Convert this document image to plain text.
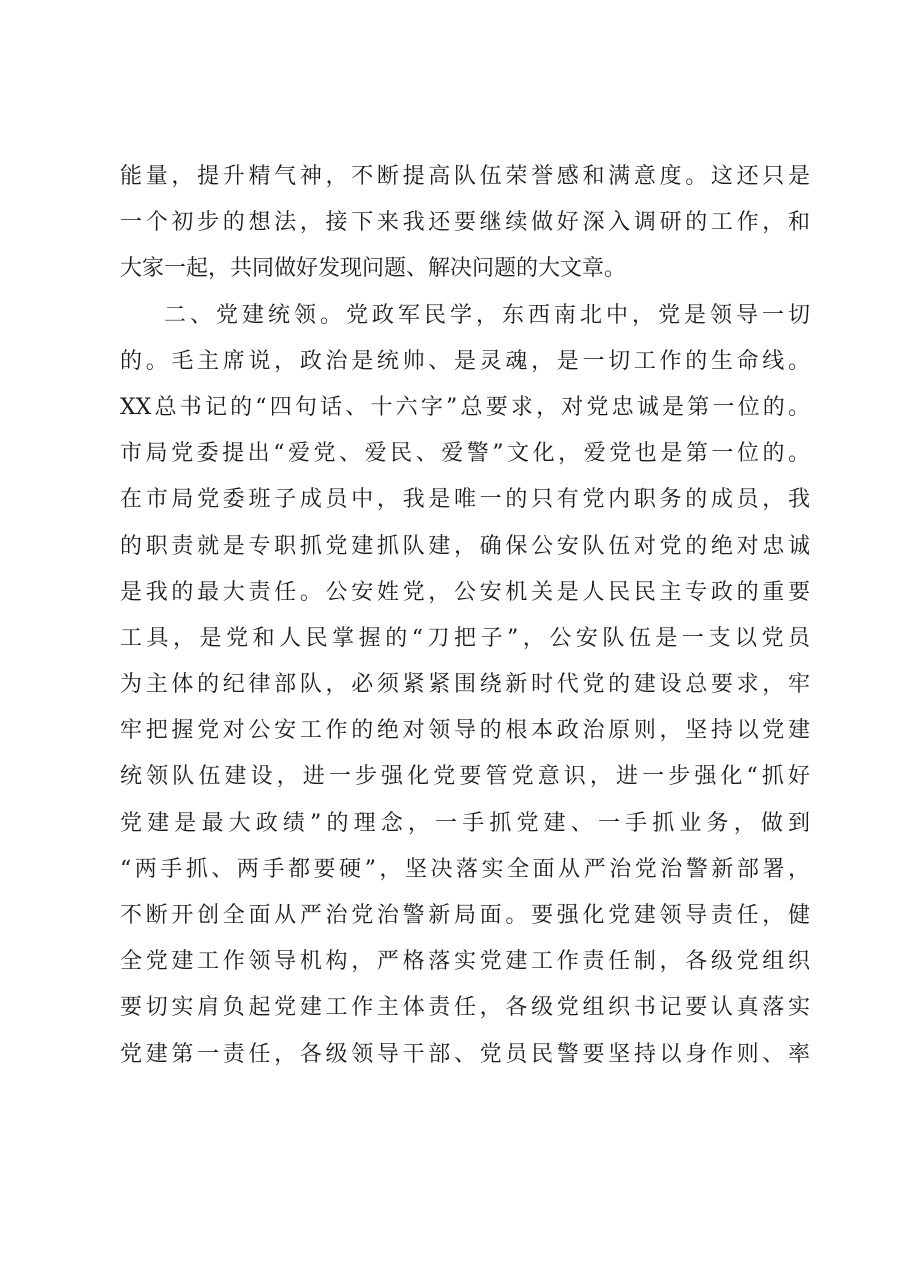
能量，提升精气神，不断提高队伍荣誉感和满意度。这还只是
一个初步的想法，接下来我还要继续做好深入调研的工作，和
大家一起，共同做好发现问题、解决问题的大文章。
二、党建统领。党政军民学，东西南北中，党是领导一切
的。毛主席说，政治是统帅、是灵魂，是一切工作的生命线。
XX总书记的“四句话、十六字”总要求，对党忠诚是第一位的。
市局党委提出“爱党、爱民、爱警”文化，爱党也是第一位的。
在市局党委班子成员中，我是唯一的只有党内职务的成员，我
的职责就是专职抓党建抓队建，确保公安队伍对党的绝对忠诚
是我的最大责任。公安姓党，公安机关是人民民主专政的重要
工具，是党和人民掌握的“刀把子”，公安队伍是一支以党员
为主体的纪律部队，必须紧紧围绕新时代党的建设总要求，牢
牢把握党对公安工作的绝对领导的根本政治原则，坚持以党建
统领队伍建设，进一步强化党要管党意识，进一步强化“抓好
党建是最大政绩”的理念，一手抓党建、一手抓业务，做到
“两手抓、两手都要硬”，坚决落实全面从严治党治警新部署，
不断开创全面从严治党治警新局面。要强化党建领导责任，健
全党建工作领导机构，严格落实党建工作责任制，各级党组织
要切实肩负起党建工作主体责任，各级党组织书记要认真落实
党建第一责任，各级领导干部、党员民警要坚持以身作则、率
